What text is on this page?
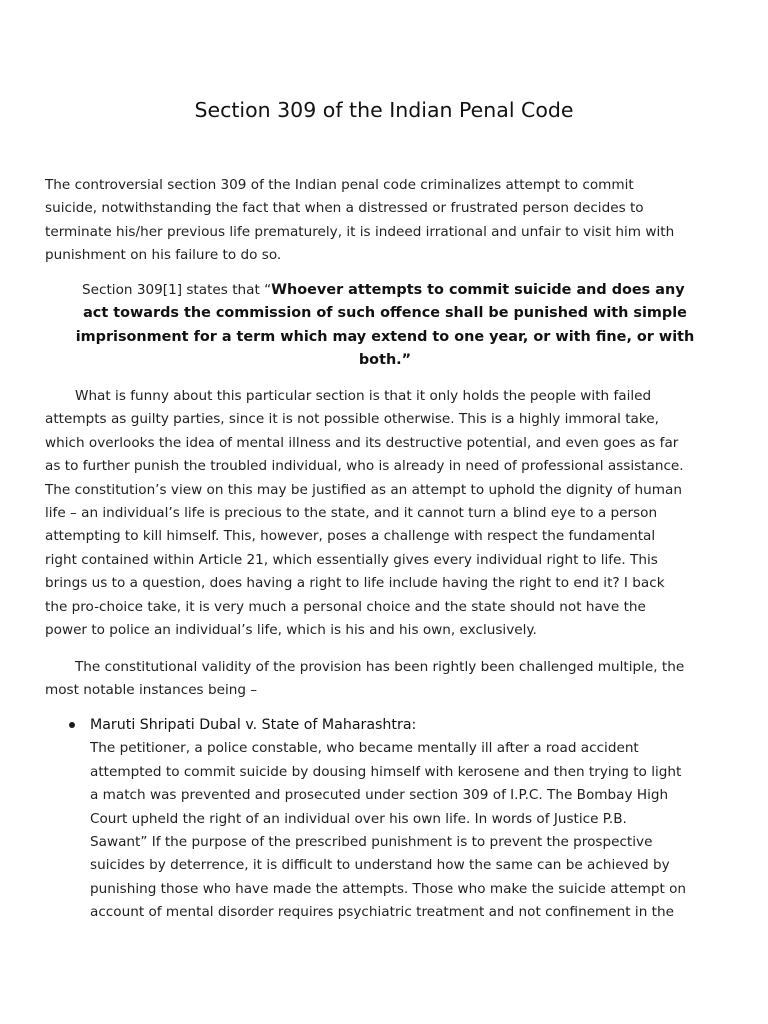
Section 309 of the Indian Penal Code

The controversial section 309 of the Indian penal code criminalizes attempt to commit
suicide, notwithstanding the fact that when a distressed or frustrated person decides to
terminate his/her previous life prematurely, it is indeed irrational and unfair to visit him with
punishment on his failure to do so.

Section 309[1] states that “Whoever attempts to commit suicide and does any
act towards the commission of such offence shall be punished with simple
imprisonment for a term which may extend to one year, or with fine, or with
both.”

What is funny about this particular section is that it only holds the people with failed
attempts as guilty parties, since it is not possible otherwise. This is a highly immoral take,
which overlooks the idea of mental illness and its destructive potential, and even goes as far
as to further punish the troubled individual, who is already in need of professional assistance.
The constitution’s view on this may be justified as an attempt to uphold the dignity of human
life – an individual’s life is precious to the state, and it cannot turn a blind eye to a person
attempting to kill himself. This, however, poses a challenge with respect the fundamental
right contained within Article 21, which essentially gives every individual right to life. This
brings us to a question, does having a right to life include having the right to end it? I back
the pro-choice take, it is very much a personal choice and the state should not have the
power to police an individual’s life, which is his and his own, exclusively.

The constitutional validity of the provision has been rightly been challenged multiple, the
most notable instances being –

Maruti Shripati Dubal v. State of Maharashtra:
The petitioner, a police constable, who became mentally ill after a road accident
attempted to commit suicide by dousing himself with kerosene and then trying to light
a match was prevented and prosecuted under section 309 of I.P.C. The Bombay High
Court upheld the right of an individual over his own life. In words of Justice P.B.
Sawant” If the purpose of the prescribed punishment is to prevent the prospective
suicides by deterrence, it is difficult to understand how the same can be achieved by
punishing those who have made the attempts. Those who make the suicide attempt on
account of mental disorder requires psychiatric treatment and not confinement in the
